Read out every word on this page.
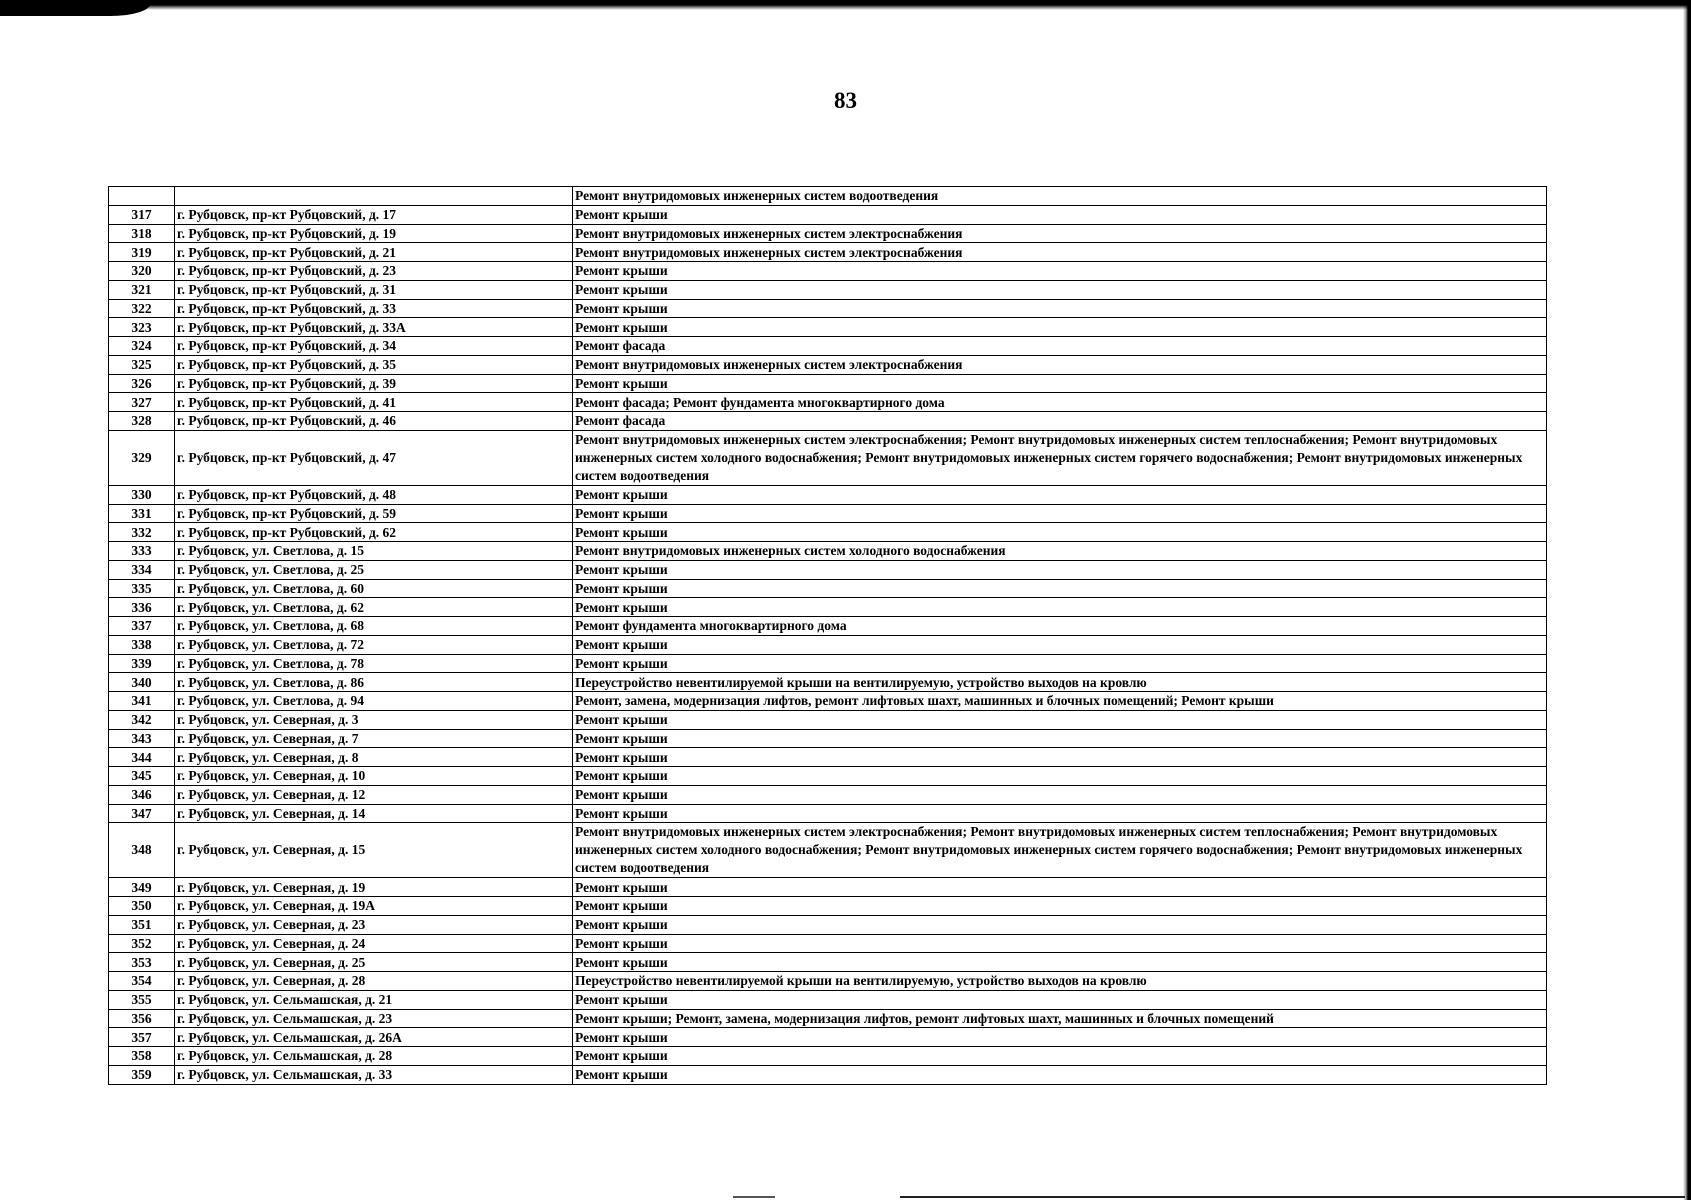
83
		Ремонт внутридомовых инженерных систем водоотведения
317	г. Рубцовск, пр-кт Рубцовский, д. 17	Ремонт крыши
318	г. Рубцовск, пр-кт Рубцовский, д. 19	Ремонт внутридомовых инженерных систем электроснабжения
319	г. Рубцовск, пр-кт Рубцовский, д. 21	Ремонт внутридомовых инженерных систем электроснабжения
320	г. Рубцовск, пр-кт Рубцовский, д. 23	Ремонт крыши
321	г. Рубцовск, пр-кт Рубцовский, д. 31	Ремонт крыши
322	г. Рубцовск, пр-кт Рубцовский, д. 33	Ремонт крыши
323	г. Рубцовск, пр-кт Рубцовский, д. 33А	Ремонт крыши
324	г. Рубцовск, пр-кт Рубцовский, д. 34	Ремонт фасада
325	г. Рубцовск, пр-кт Рубцовский, д. 35	Ремонт внутридомовых инженерных систем электроснабжения
326	г. Рубцовск, пр-кт Рубцовский, д. 39	Ремонт крыши
327	г. Рубцовск, пр-кт Рубцовский, д. 41	Ремонт фасада; Ремонт фундамента многоквартирного дома
328	г. Рубцовск, пр-кт Рубцовский, д. 46	Ремонт фасада
329	г. Рубцовск, пр-кт Рубцовский, д. 47	Ремонт внутридомовых инженерных систем электроснабжения; Ремонт внутридомовых инженерных систем теплоснабжения; Ремонт внутридомовых инженерных систем холодного водоснабжения; Ремонт внутридомовых инженерных систем горячего водоснабжения; Ремонт внутридомовых инженерных систем водоотведения
330	г. Рубцовск, пр-кт Рубцовский, д. 48	Ремонт крыши
331	г. Рубцовск, пр-кт Рубцовский, д. 59	Ремонт крыши
332	г. Рубцовск, пр-кт Рубцовский, д. 62	Ремонт крыши
333	г. Рубцовск, ул. Светлова, д. 15	Ремонт внутридомовых инженерных систем холодного водоснабжения
334	г. Рубцовск, ул. Светлова, д. 25	Ремонт крыши
335	г. Рубцовск, ул. Светлова, д. 60	Ремонт крыши
336	г. Рубцовск, ул. Светлова, д. 62	Ремонт крыши
337	г. Рубцовск, ул. Светлова, д. 68	Ремонт фундамента многоквартирного дома
338	г. Рубцовск, ул. Светлова, д. 72	Ремонт крыши
339	г. Рубцовск, ул. Светлова, д. 78	Ремонт крыши
340	г. Рубцовск, ул. Светлова, д. 86	Переустройство невентилируемой крыши на вентилируемую, устройство выходов на кровлю
341	г. Рубцовск, ул. Светлова, д. 94	Ремонт, замена, модернизация лифтов, ремонт лифтовых шахт, машинных и блочных помещений; Ремонт крыши
342	г. Рубцовск, ул. Северная, д. 3	Ремонт крыши
343	г. Рубцовск, ул. Северная, д. 7	Ремонт крыши
344	г. Рубцовск, ул. Северная, д. 8	Ремонт крыши
345	г. Рубцовск, ул. Северная, д. 10	Ремонт крыши
346	г. Рубцовск, ул. Северная, д. 12	Ремонт крыши
347	г. Рубцовск, ул. Северная, д. 14	Ремонт крыши
348	г. Рубцовск, ул. Северная, д. 15	Ремонт внутридомовых инженерных систем электроснабжения; Ремонт внутридомовых инженерных систем теплоснабжения; Ремонт внутридомовых инженерных систем холодного водоснабжения; Ремонт внутридомовых инженерных систем горячего водоснабжения; Ремонт внутридомовых инженерных систем водоотведения
349	г. Рубцовск, ул. Северная, д. 19	Ремонт крыши
350	г. Рубцовск, ул. Северная, д. 19А	Ремонт крыши
351	г. Рубцовск, ул. Северная, д. 23	Ремонт крыши
352	г. Рубцовск, ул. Северная, д. 24	Ремонт крыши
353	г. Рубцовск, ул. Северная, д. 25	Ремонт крыши
354	г. Рубцовск, ул. Северная, д. 28	Переустройство невентилируемой крыши на вентилируемую, устройство выходов на кровлю
355	г. Рубцовск, ул. Сельмашская, д. 21	Ремонт крыши
356	г. Рубцовск, ул. Сельмашская, д. 23	Ремонт крыши; Ремонт, замена, модернизация лифтов, ремонт лифтовых шахт, машинных и блочных помещений
357	г. Рубцовск, ул. Сельмашская, д. 26А	Ремонт крыши
358	г. Рубцовск, ул. Сельмашская, д. 28	Ремонт крыши
359	г. Рубцовск, ул. Сельмашская, д. 33	Ремонт крыши
